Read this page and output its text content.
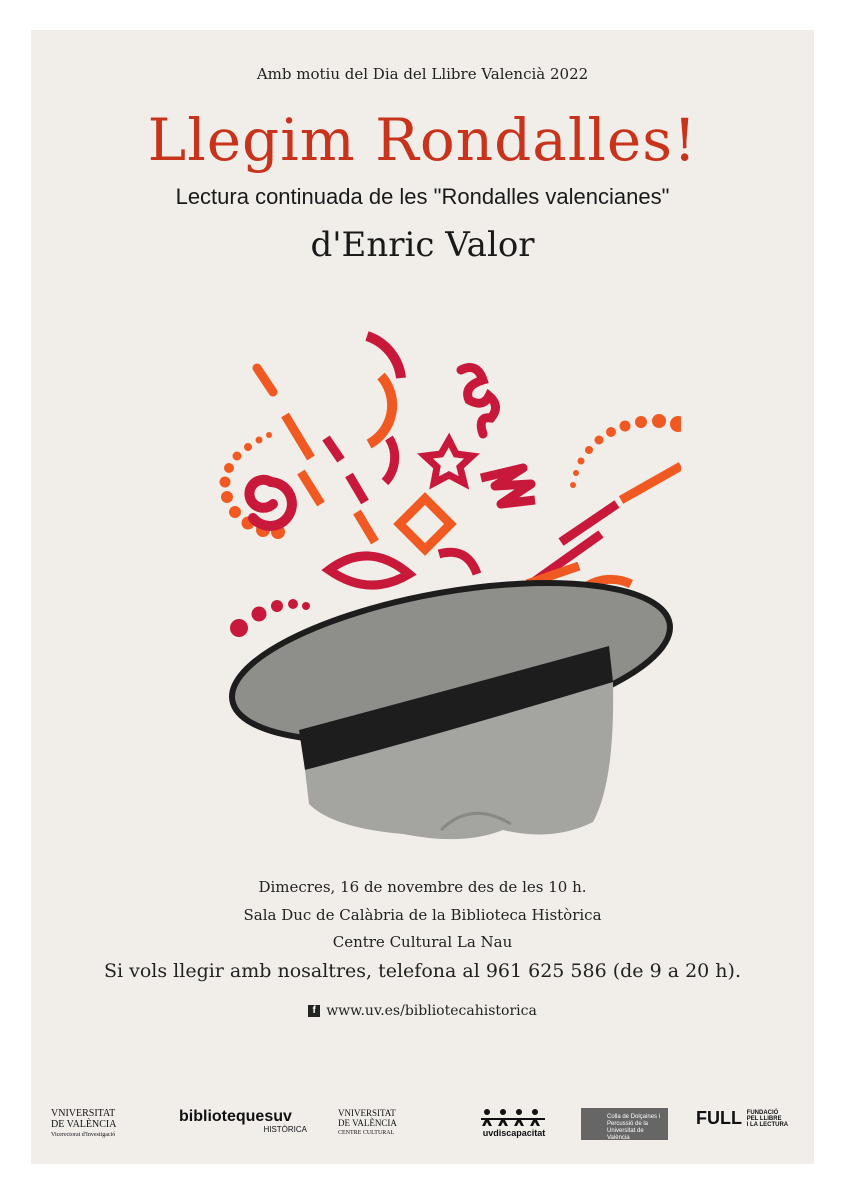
Amb motiu del Dia del Llibre Valencià 2022
Llegim Rondalles!
Lectura continuada de les "Rondalles valencianes"
d'Enric Valor
Dimecres, 16 de novembre des de les 10 h.
Sala Duc de Calàbria de la Biblioteca Històrica
Centre Cultural La Nau
Si vols llegir amb nosaltres, telefona al 961 625 586 (de 9 a 20 h).
f www.uv.es/bibliotecahistorica
VNIVERSITAT
DE VALÈNCIA
Vicerectorat d'Investigació
bibliotequesuv
HISTÒRICA
VNIVERSITAT
DE VALÈNCIA
CENTRE CULTURAL	uvdiscapacitat
Colla de Dolçaines i Percussió de la Universitat de València
FULL FUNDACIÓ
PEL LLIBRE
I LA LECTURA
